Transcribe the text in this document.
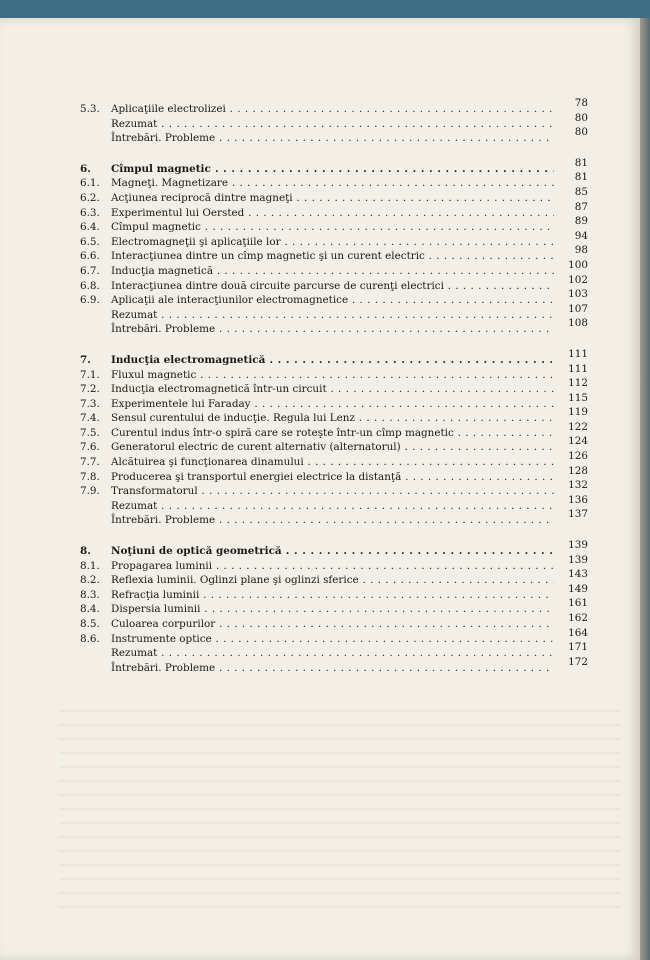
5.3.	Aplicaţiile electrolizei . . .	78
Rezumat . . .	80
Întrebări. Probleme . . .	80
6.	Cîmpul magnetic . . .	81
6.1.	Magneţi. Magnetizare . . .	81
6.2.	Acţiunea reciprocă dintre magneţi . . .	85
6.3.	Experimentul lui Oersted . . .	87
6.4.	Cîmpul magnetic . . .	89
6.5.	Electromagneţii şi aplicaţiile lor . . .	94
6.6.	Interacţiunea dintre un cîmp magnetic şi un curent electric . . .	98
6.7.	Inducţia magnetică . . .	100
6.8.	Interacţiunea dintre două circuite parcurse de curenţi electrici . . .	102
6.9.	Aplicaţii ale interacţiunilor electromagnetice . . .	103
Rezumat . . .	107
Întrebări. Probleme . . .	108
7.	Inducţia electromagnetică . . .	111
7.1.	Fluxul magnetic . . .	111
7.2.	Inducţia electromagnetică într-un circuit . . .	112
7.3.	Experimentele lui Faraday . . .	115
7.4.	Sensul curentului de inducţie. Regula lui Lenz . . .	119
7.5.	Curentul indus într-o spiră care se roteşte într-un cîmp magnetic . . .	122
7.6.	Generatorul electric de curent alternativ (alternatorul) . . .	124
7.7.	Alcătuirea şi funcţionarea dinamului . . .	126
7.8.	Producerea şi transportul energiei electrice la distanţă . . .	128
7.9.	Transformatorul . . .	132
Rezumat . . .	136
Întrebări. Probleme . . .	137
8.	Noţiuni de optică geometrică . . .	139
8.1.	Propagarea luminii . . .	139
8.2.	Reflexia luminii. Oglinzi plane şi oglinzi sferice . . .	143
8.3.	Refracţia luminii . . .	149
8.4.	Dispersia luminii . . .	161
8.5.	Culoarea corpurilor . . .	162
8.6.	Instrumente optice . . .	164
Rezumat . . .	171
Întrebări. Probleme . . .	172
